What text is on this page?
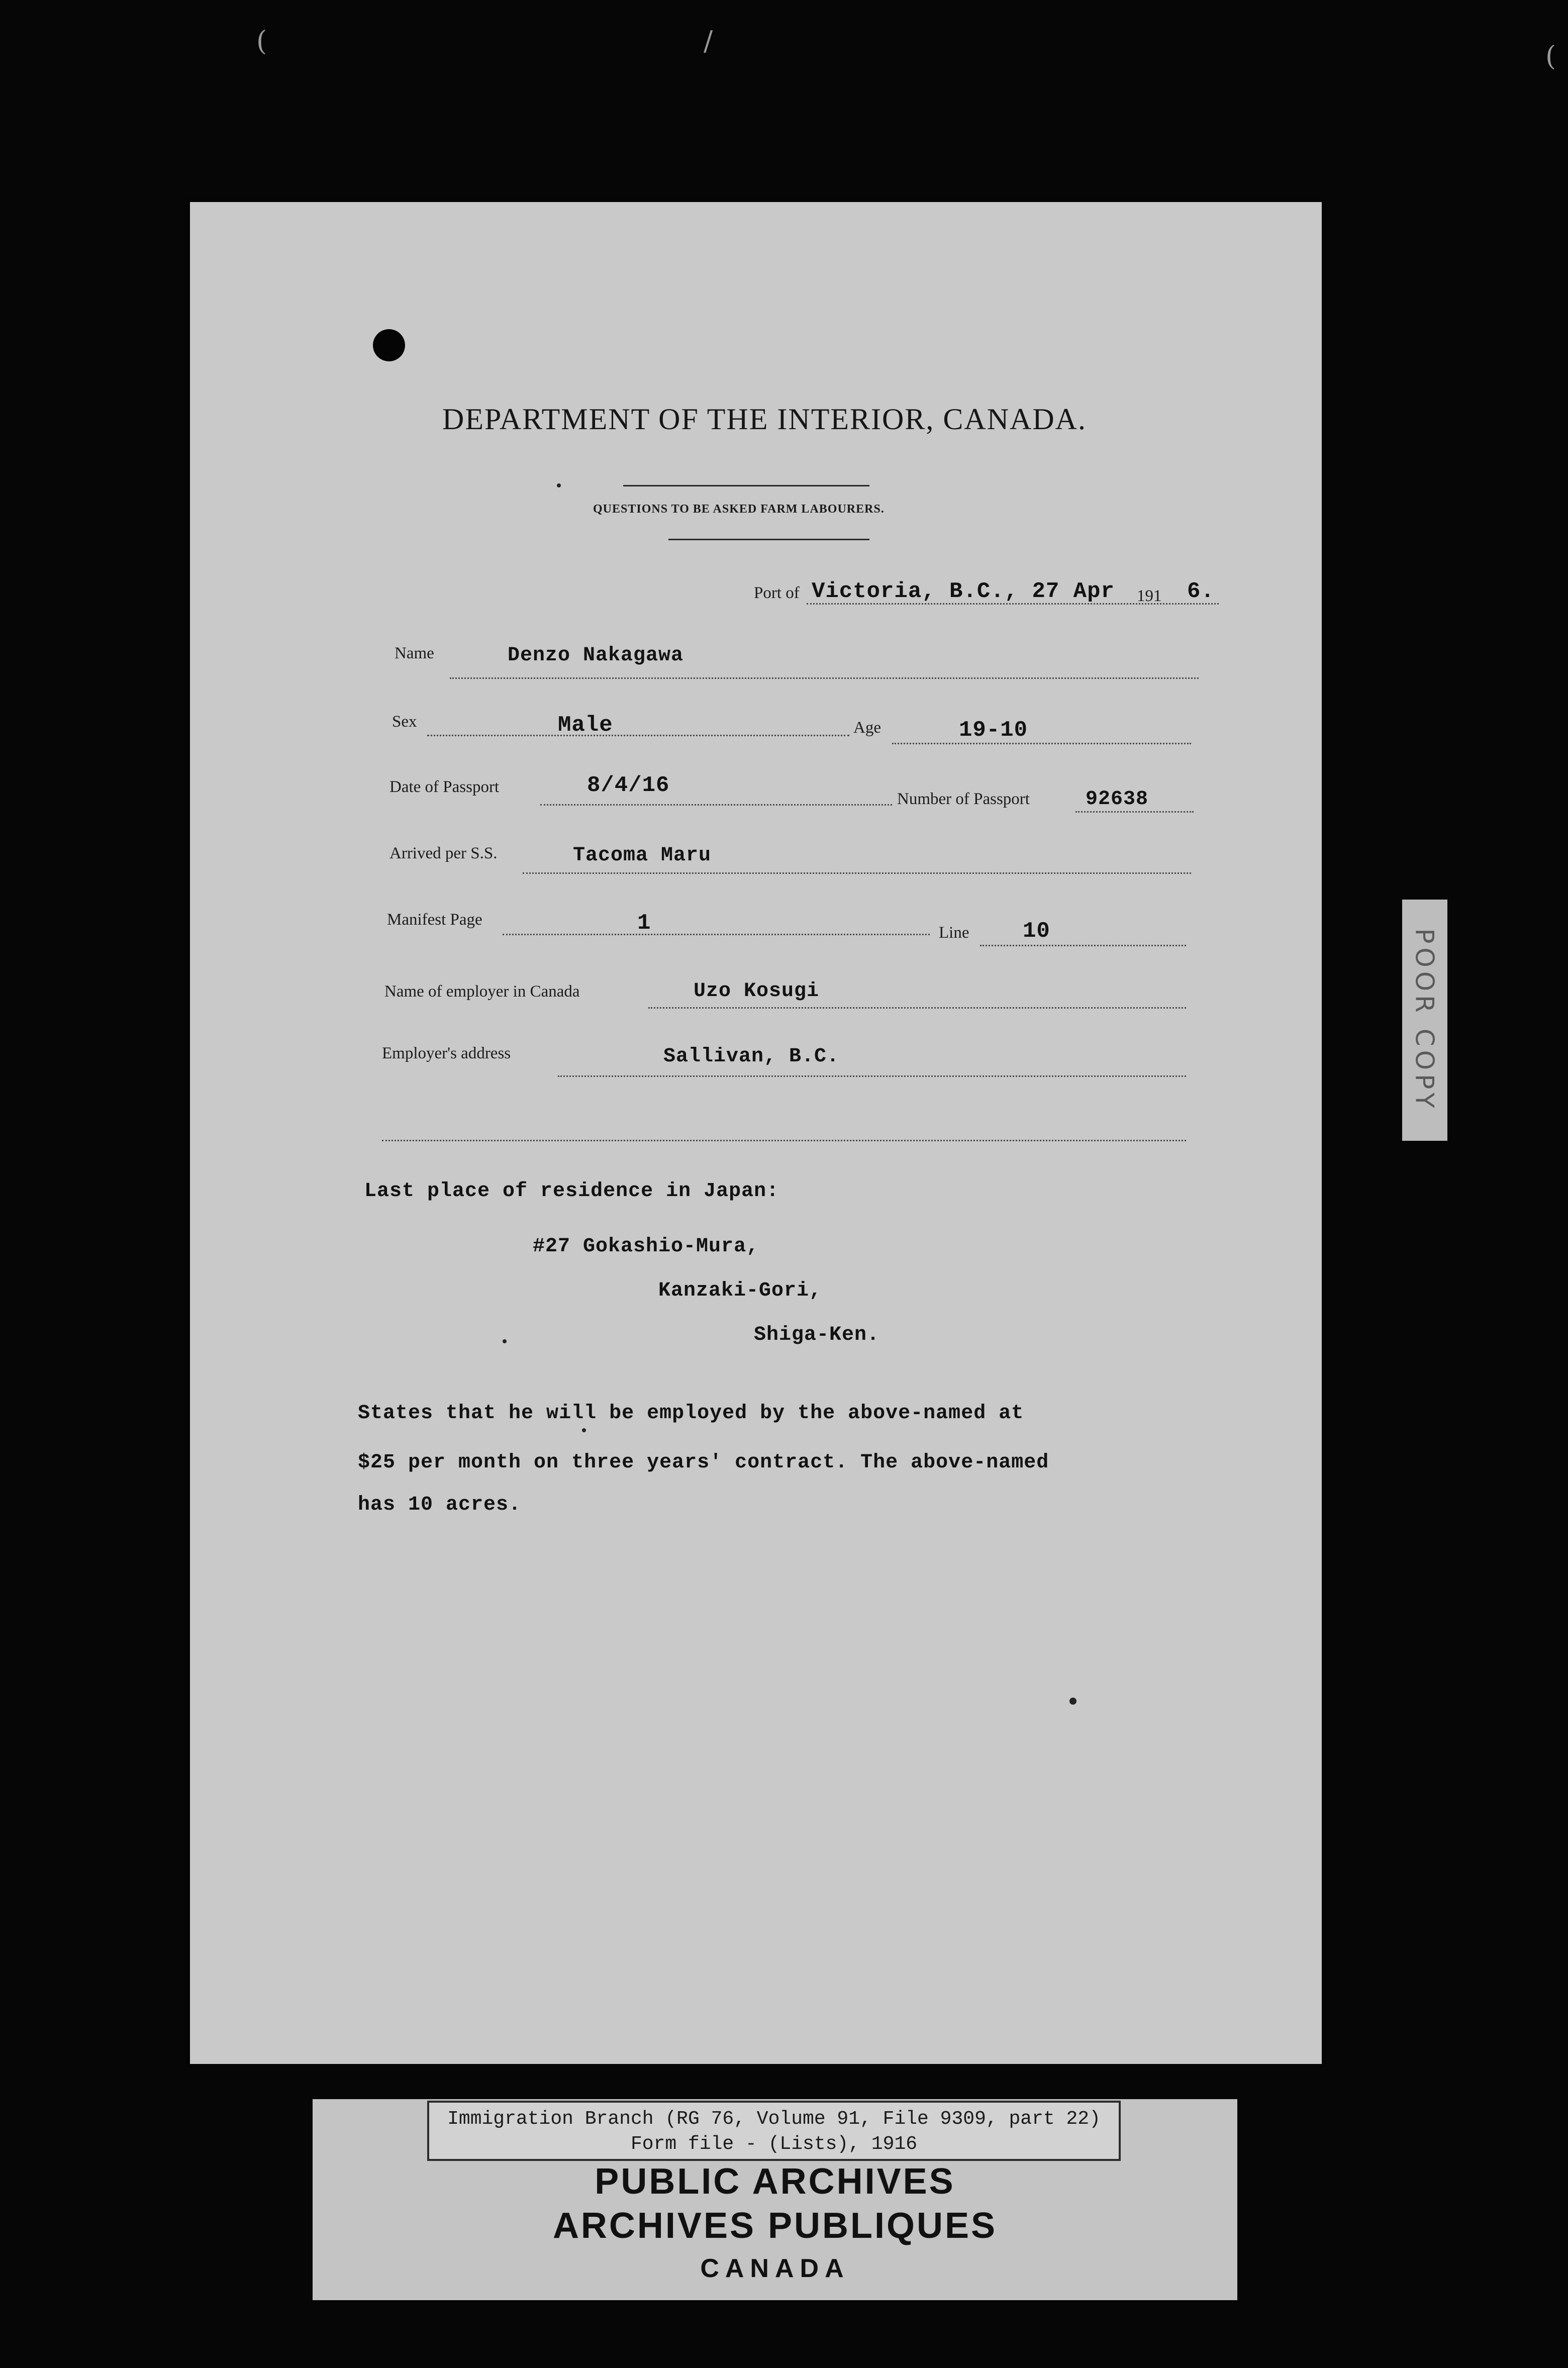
(	/	(
DEPARTMENT OF THE INTERIOR, CANADA.
QUESTIONS TO BE ASKED FARM LABOURERS.
Port of Victoria, B.C., 27 Apr 191 6.
Name	Denzo Nakagawa
Sex	Male	Age	19-10
Date of Passport	8/4/16
Number of Passport	92638
Arrived per S.S.	Tacoma Maru
Manifest Page	1	Line 10
Name of employer in Canada	Uzo Kosugi
Employer's address	Sallivan, B.C.
Last place of residence in Japan:
#27 Gokashio-Mura,
Kanzaki-Gori,
Shiga-Ken.
States that he will be employed by the above-named at
$25 per month on three years' contract. The above-named
has 10 acres.
POOR COPY
Immigration Branch (RG 76, Volume 91, File 9309, part 22)
Form file - (Lists), 1916
PUBLIC ARCHIVES
ARCHIVES PUBLIQUES
CANADA
